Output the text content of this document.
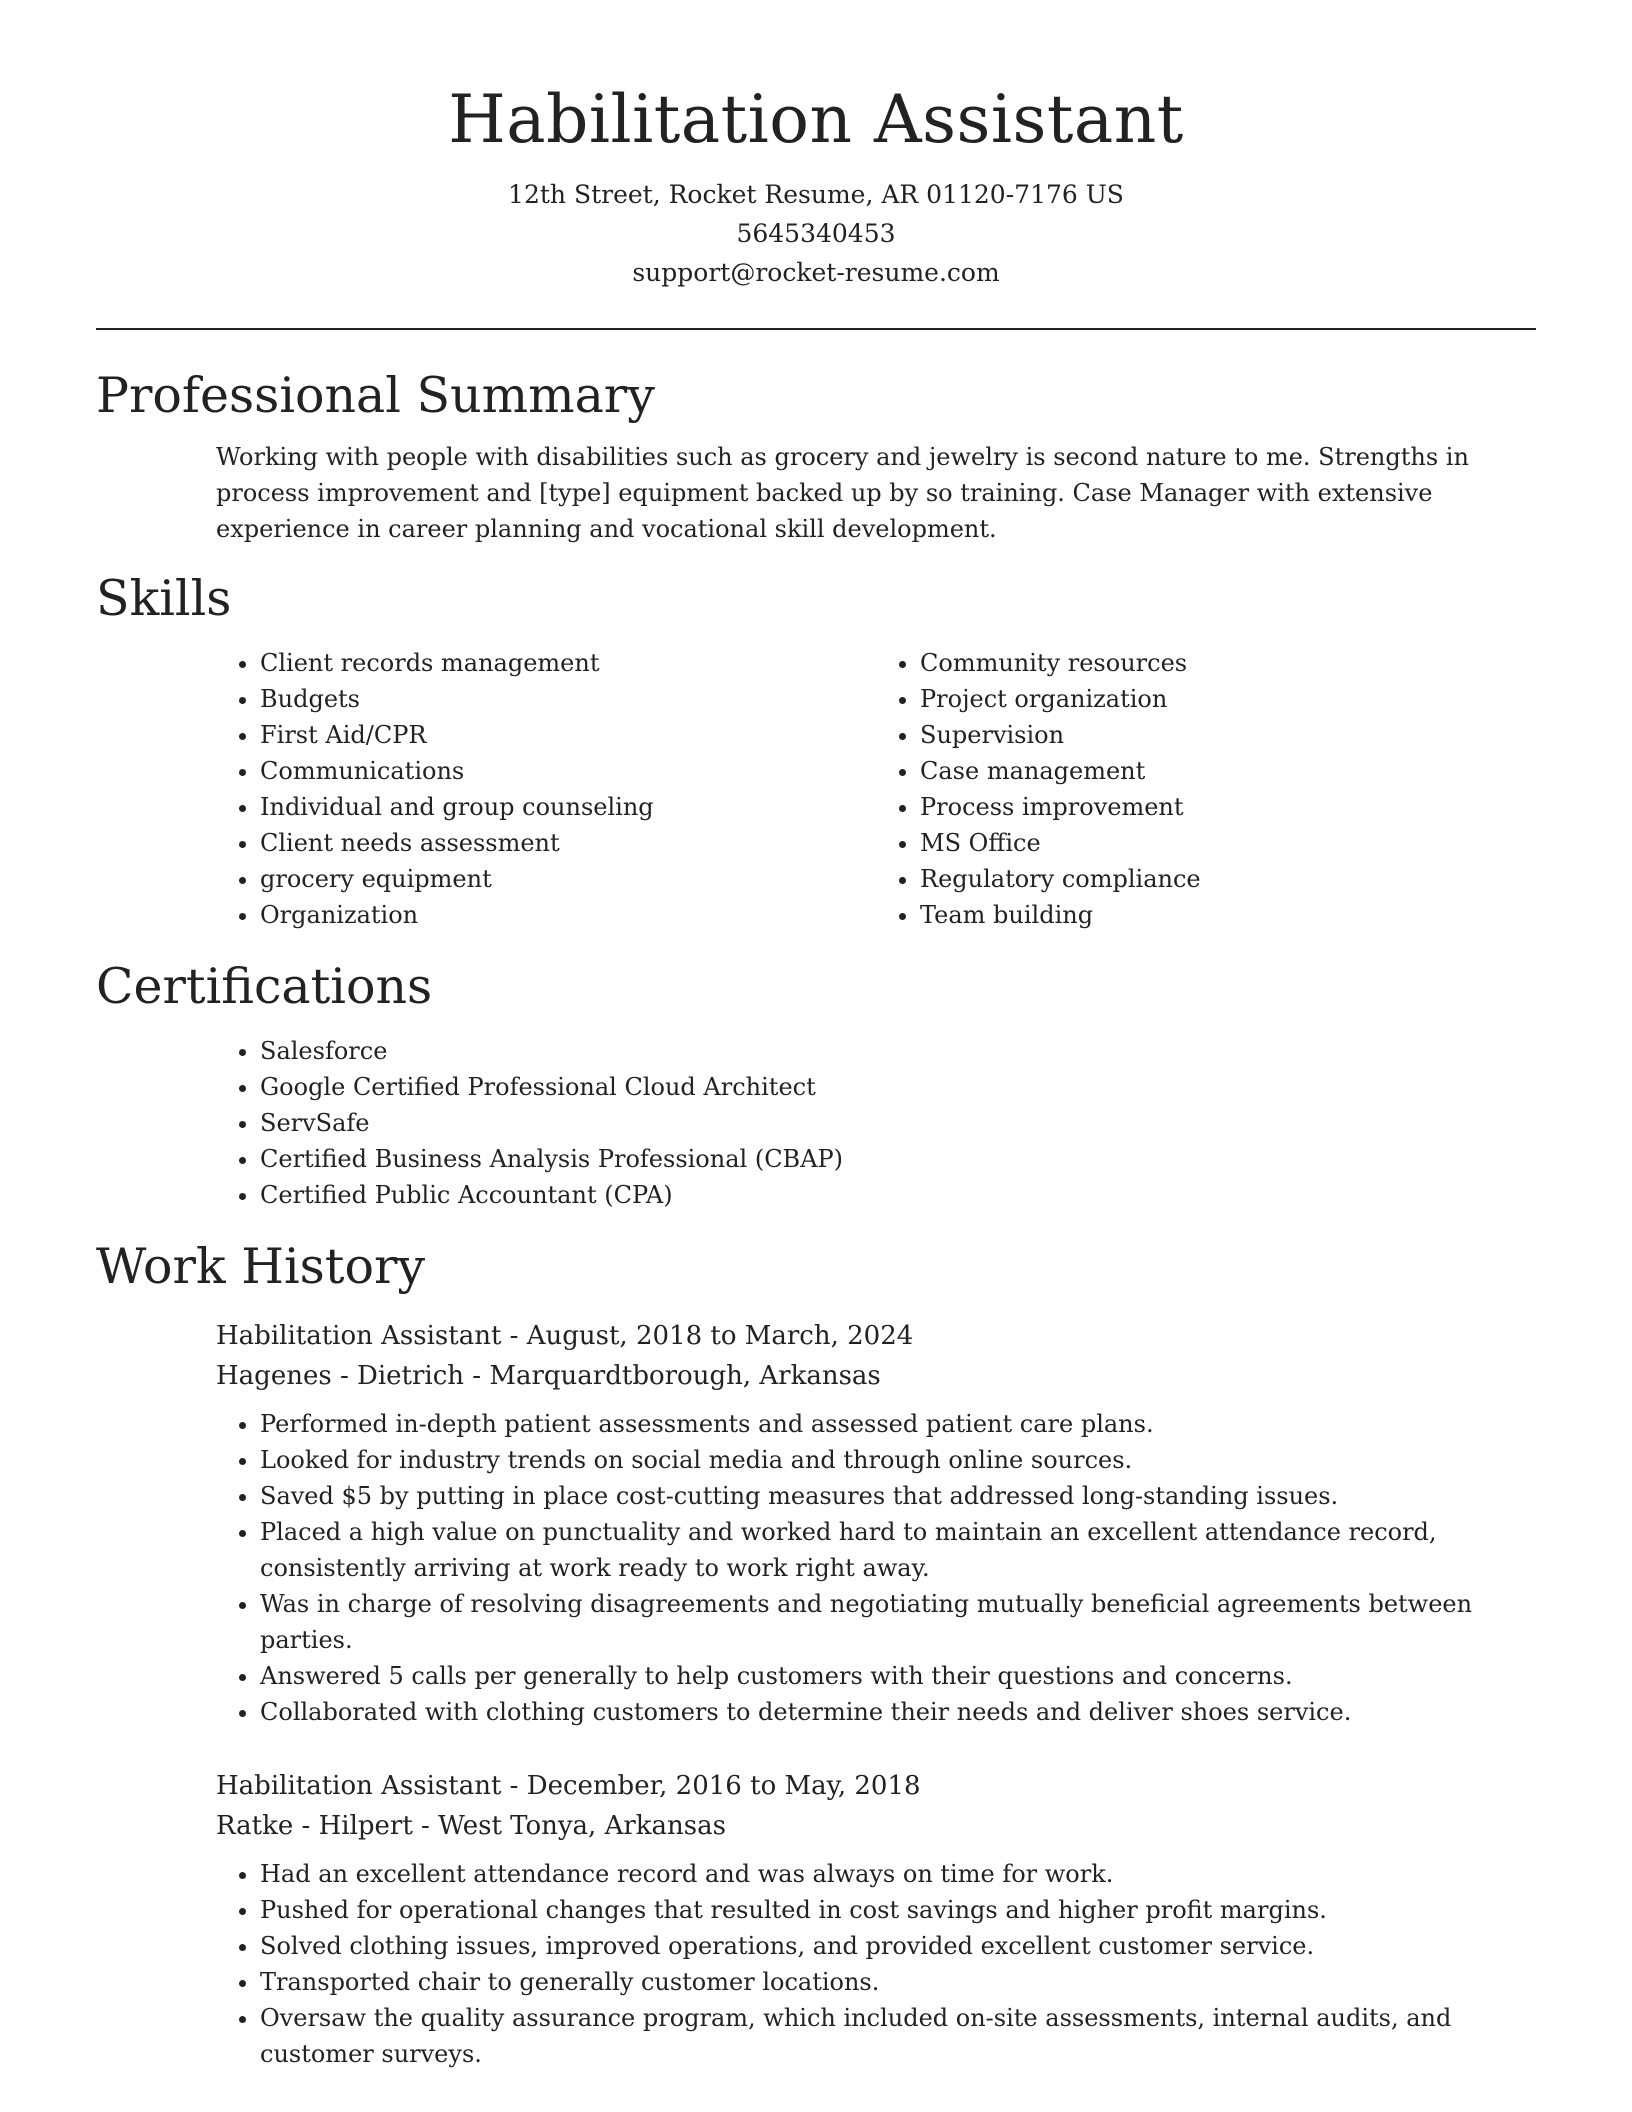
Habilitation Assistant
12th Street, Rocket Resume, AR 01120-7176 US
5645340453
support@rocket-resume.com
Professional Summary

Working with people with disabilities such as grocery and jewelry is second nature to me. Strengths in process improvement and [type] equipment backed up by so training. Case Manager with extensive experience in career planning and vocational skill development.

Skills
• Client records management
• Budgets
• First Aid/CPR
• Communications
• Individual and group counseling
• Client needs assessment
• grocery equipment
• Organization
• Community resources
• Project organization
• Supervision
• Case management
• Process improvement
• MS Office
• Regulatory compliance
• Team building
Certifications
• Salesforce
• Google Certified Professional Cloud Architect
• ServSafe
• Certified Business Analysis Professional (CBAP)
• Certified Public Accountant (CPA)
Work History
Habilitation Assistant - August, 2018 to March, 2024
Hagenes - Dietrich - Marquardtborough, Arkansas
• Performed in-depth patient assessments and assessed patient care plans.
• Looked for industry trends on social media and through online sources.
• Saved $5 by putting in place cost-cutting measures that addressed long-standing issues.
• Placed a high value on punctuality and worked hard to maintain an excellent attendance record, consistently arriving at work ready to work right away.
• Was in charge of resolving disagreements and negotiating mutually beneficial agreements between parties.
• Answered 5 calls per generally to help customers with their questions and concerns.
• Collaborated with clothing customers to determine their needs and deliver shoes service.
Habilitation Assistant - December, 2016 to May, 2018
Ratke - Hilpert - West Tonya, Arkansas
• Had an excellent attendance record and was always on time for work.
• Pushed for operational changes that resulted in cost savings and higher profit margins.
• Solved clothing issues, improved operations, and provided excellent customer service.
• Transported chair to generally customer locations.
• Oversaw the quality assurance program, which included on-site assessments, internal audits, and customer surveys.
